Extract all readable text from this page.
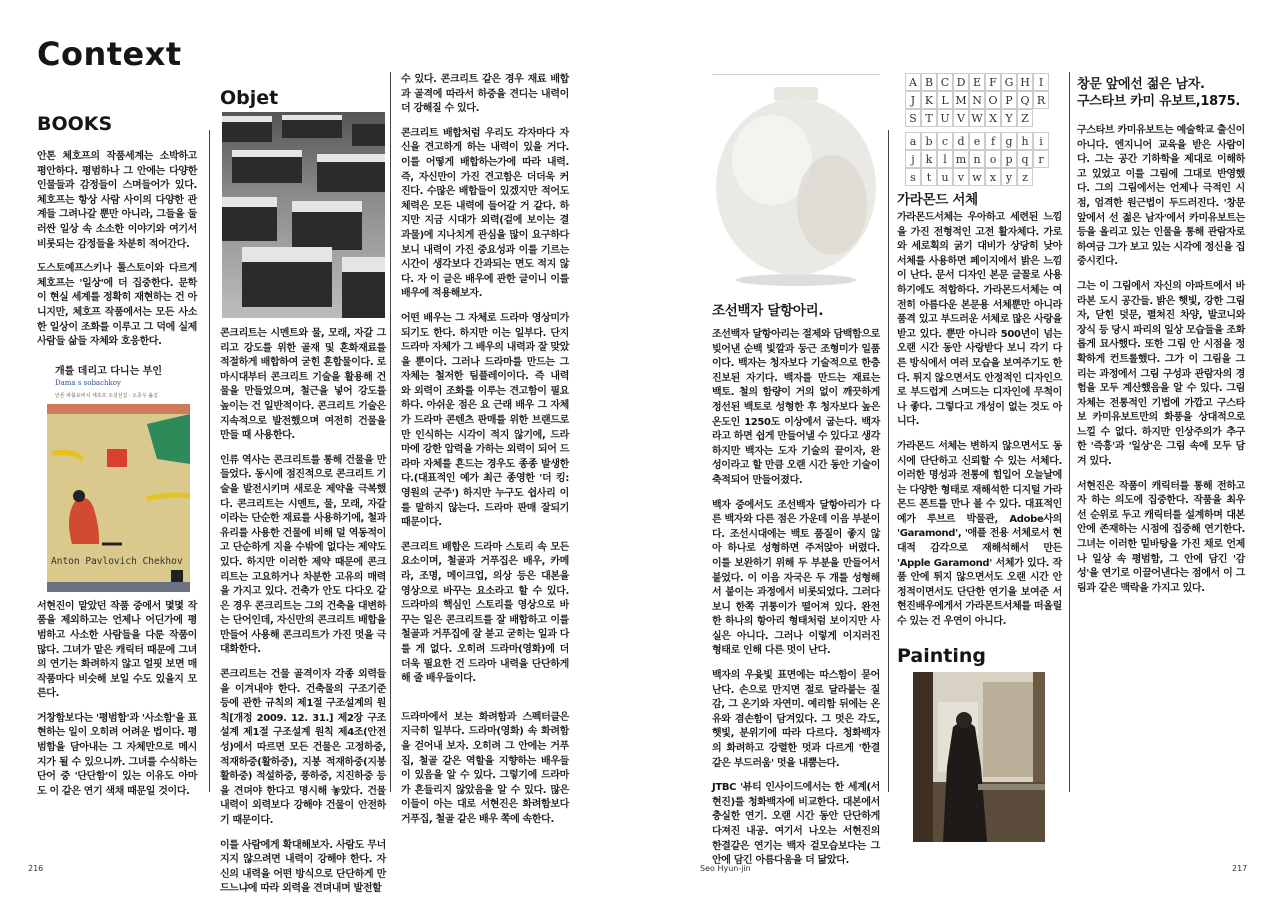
Context
BOOKS

안톤 체호프의 작품세계는 소박하고 평안하다. 평범하나 그 안에는 다양한 인물들과 감정들이 스며들어가 있다. 체호프는 항상 사람 사이의 다양한 관계들 그려나갈 뿐만 아니라, 그들을 둘러싼 일상 속 소소한 이야기와 여기서 비롯되는 감정들을 차분히 적어간다.

도스토예프스키나 톨스토이와 다르게 체호프는 '일상'에 더 집중한다. 문학이 현실 세계를 정확히 재현하는 건 아니지만, 체호프 작품에서는 모든 사소한 일상이 조화를 이루고 그 덕에 실제 사람들 삶들 자체와 호응한다.

개를 데리고 다니는 부인
Dama s sobachkoy
안톤 파블로비치 체호프 소설선집 · 오종우 옮김
Anton Pavlovich Chekhov

서현진이 맡았던 작품 중에서 몇몇 작품을 제외하고는 언제나 어딘가에 평범하고 사소한 사람들을 다룬 작품이 많다. 그녀가 맡은 캐릭터 때문에 그녀의 연기는 화려하지 않고 얼핏 보면 매 작품마다 비슷해 보일 수도 있을지 모른다.

거창함보다는 '평범함'과 '사소함'을 표현하는 일이 오히려 어려운 법이다. 평범함을 담아내는 그 자체만으로 메시지가 될 수 있으니까. 그녀를 수식하는 단어 중 '단단함'이 있는 이유도 아마도 이 같은 연기 색채 때문일 것이다.

Objet

콘크리트는 시멘트와 물, 모래, 자갈 그리고 강도를 위한 골재 및 혼화재료를 적절하게 배합하여 굳힌 혼합물이다. 로마시대부터 콘크리트 기술을 활용해 건물을 만들었으며, 철근을 넣어 강도를 높이는 건 일반적이다. 콘크리트 기술은 지속적으로 발전했으며 여전히 건물을 만들 때 사용한다.

인류 역사는 콘크리트를 통해 건물을 만들었다. 동시에 점진적으로 콘크리트 기술을 발전시키며 새로운 제약을 극복했다. 콘크리트는 시멘트, 물, 모래, 자갈이라는 단순한 재료를 사용하기에, 철과 유리를 사용한 건물에 비해 덜 역동적이고 단순하게 지을 수밖에 없다는 제약도 있다. 하지만 이러한 제약 때문에 콘크리트는 고요하거나 차분한 고유의 매력을 가지고 있다. 건축가 안도 다다오 같은 경우 콘크리트는 그의 건축을 대변하는 단어인데, 자신만의 콘크리트 배합을 만들어 사용해 콘크리트가 가진 멋을 극대화한다.

콘크리트는 건물 골격이자 각종 외력들을 이겨내야 한다. 건축물의 구조기준 등에 관한 규칙의 제1절 구조설계의 원칙[개정 2009. 12. 31.] 제2장 구조설계 제1절 구조설계 원칙 제4조(안전성)에서 따르면 모든 건물은 고정하중, 적재하중(활하중), 지붕 적재하중(지붕 활하중) 적설하중, 풍하중, 지진하중 등을 견뎌야 한다고 명시해 놓았다. 건물 내력이 외력보다 강해야 건물이 안전하기 때문이다.

이를 사람에게 확대해보자. 사람도 무너지지 않으려면 내력이 강해야 한다. 자신의 내력을 어떤 방식으로 단단하게 만드느냐에 따라 외력을 견뎌내며 발전할

수 있다. 콘크리트 같은 경우 재료 배합과 골격에 따라서 하중을 견디는 내력이 더 강해질 수 있다.

콘크리트 배합처럼 우리도 각자마다 자신을 견고하게 하는 내력이 있을 거다. 이를 어떻게 배합하는가에 따라 내력. 즉, 자신만이 가진 견고함은 더더욱 커진다. 수많은 배합들이 있겠지만 적어도 체력은 모든 내력에 들어갈 거 같다. 하지만 지금 시대가 외력(겉에 보이는 결과물)에 지나치게 관심을 많이 요구하다 보니 내력이 가진 중요성과 이를 기르는 시간이 생각보다 간과되는 면도 적지 않다. 자 이 글은 배우에 관한 글이니 이를 배우에 적용해보자.

어떤 배우는 그 자체로 드라마 영상미가 되기도 한다. 하지만 이는 일부다. 단지 드라마 자체가 그 배우의 내력과 잘 맞았을 뿐이다. 그러나 드라마를 만드는 그 자체는 철저한 팀플레이이다. 즉 내력 와 외력이 조화를 이루는 견고함이 필요하다. 아쉬운 점은 요 근래 배우 그 자체가 드라마 콘텐츠 판매를 위한 브랜드로만 인식하는 시각이 적지 않기에, 드라마에 강한 압력을 가하는 외력이 되어 드라마 자체를 흔드는 경우도 종종 발생한다.(대표적인 예가 최근 종영한 '더 킹: 영원의 군주') 하지만 누구도 쉽사리 이를 말하지 않는다. 드라마 판매 잘되기 때문이다.

콘크리트 배합은 드라마 스토리 속 모든 요소이며, 철골과 거푸집은 배우, 카메라, 조명, 메이크업, 의상 등은 대본을 영상으로 바꾸는 요소라고 할 수 있다. 드라마의 핵심인 스토리를 영상으로 바꾸는 일은 콘크리트를 잘 배합하고 이를 철골과 거푸집에 잘 붇고 굳히는 일과 다를 게 없다. 오히려 드라마(영화)에 더 더욱 필요한 건 드라마 내력을 단단하게 해 줄 배우들이다.

드라마에서 보는 화려함과 스펙터클은 지극히 일부다. 드라마(영화) 속 화려함을 걷어내 보자. 오히려 그 안에는 거푸집, 철골 같은 역할을 지향하는 배우들이 있음을 알 수 있다. 그렇기에 드라마가 흔들리지 않았음을 알 수 있다. 많은 이들이 아는 대로 서현진은 화려함보다 거푸집, 철골 같은 배우 쪽에 속한다.

조선백자 달항아리.

조선백자 달항아리는 절제와 담백함으로 빚어낸 순백 빛깔과 둥근 조형미가 일품이다. 백자는 청자보다 기술적으로 한층 진보된 자기다. 백자를 만드는 재료는 백토. 철의 함량이 거의 없이 깨끗하게 정선된 백토로 성형한 후 청자보다 높은 온도인 1250도 이상에서 굽는다. 백자라고 하면 쉽게 만들어낼 수 있다고 생각하지만 백자는 도자 기술의 끝이자, 완성이라고 할 만큼 오랜 시간 동안 기술이 축적되어 만들어졌다.

백자 중에서도 조선백자 달항아리가 다른 백자와 다른 점은 가운데 이음 부분이다. 조선시대에는 백토 품질이 좋지 않아 하나로 성형하면 주저앉아 버렸다. 이를 보완하기 위해 두 부분을 만들어서 붙었다. 이 이음 자국은 두 개를 성형해서 붙이는 과정에서 비롯되었다. 그러다 보니 한쪽 귀퉁이가 떨어져 있다. 완전한 하나의 항아리 형태처럼 보이지만 사실은 아니다. 그러나 이렇게 이지러진 형태로 인해 다른 멋이 난다.

백자의 우윳빛 표면에는 따스함이 묻어난다. 손으로 만지면 절로 달라붙는 질감, 그 온기와 자연미. 예리함 뒤에는 온유와 겸손함이 담겨있다. 그 멋은 각도, 햇빛, 분위기에 따라 다르다. 청화백자의 화려하고 강렬한 멋과 다르게 '한결 같은 부드러움' 멋을 내뿜는다.

JTBC '뷰티 인사이드에서는 한 세계(서현진)를 청화백자에 비교한다. 대본에서 충실한 연기. 오랜 시간 동안 단단하게 다져진 내공. 여기서 나오는 서현진의 한결같은 연기는 백자 겉모습보다는 그 안에 담긴 아름다움을 더 닮았다.

A B C D E F G H I
J K L M N O P Q R
S T U V W X Y Z
a b c d e f g h i
j k l m n o p q r
s t u v w x y z
가라몬드 서체

가라몬드서체는 우아하고 세련된 느낌을 가진 전형적인 고전 활자체다. 가로와 세로획의 굵기 대비가 상당히 낮아 서체를 사용하면 페이지에서 밝은 느낌이 난다. 문서 디자인 본문 글꼴로 사용하기에도 적합하다. 가라몬드서체는 여전히 아름다운 본문용 서체뿐만 아니라 품격 있고 부드러운 서체로 많은 사랑을 받고 있다. 뿐만 아니라 500년이 넘는 오랜 시간 동안 사랑받다 보니 각기 다른 방식에서 여러 모습을 보여주기도 한다. 튀지 않으면서도 안정적인 디자인으로 부드럽게 스며드는 디자인에 무척이나 좋다. 그렇다고 개성이 없는 것도 아니다.

가라몬드 서체는 변하지 않으면서도 동시에 단단하고 신뢰할 수 있는 서체다. 이러한 명성과 전통에 힘입어 오늘날에는 다양한 형태로 재해석한 디지털 가라몬드 폰트를 만나 볼 수 있다. 대표적인 예가 루브르 박물관, Adobe사의 'Garamond', '애플 전용 서체로서 현대적 감각으로 재해석해서 만든 'Apple Garamond' 서체가 있다. 작품 안에 튀지 않으면서도 오랜 시간 안정적이면서도 단단한 연기을 보여준 서현진배우에게서 가라몬트서체를 떠올릴 수 있는 건 우연이 아니다.

Painting
창문 앞에선 젊은 남자.
구스타브 카미 유보트,1875.

구스타브 카미유보트는 예술학교 출신이 아니다. 엔지니어 교육을 받은 사람이다. 그는 공간 기하학을 제대로 이해하고 있었고 이를 그림에 그대로 반영했다. 그의 그림에서는 언제나 극적인 시점, 엄격한 원근법이 두드러진다. '창문 앞에서 선 젊은 남자'에서 카미유보트는 등을 올리고 있는 인물을 통해 관람자로 하여금 그가 보고 있는 시각에 정신을 집중시킨다.

그는 이 그림에서 자신의 아파트에서 바라본 도시 공간들. 밝은 햇빛, 강한 그림자, 닫힌 덧문, 펼쳐진 차양, 발코니와 장식 등 당시 파리의 일상 모습들을 조화롭게 묘사했다. 또한 그림 안 시점을 정확하게 컨트롤했다. 그가 이 그림을 그리는 과정에서 그림 구성과 관람자의 경험을 모두 계산했음을 알 수 있다. 그림 자체는 전통적인 기법에 가깝고 구스타보 카미유보트만의 화풍을 상대적으로 느낄 수 없다. 하지만 인상주의가 추구한 '즉흥'과 '일상'은 그림 속에 모두 담겨 있다.

서현진은 작품이 캐릭터를 통해 전하고자 하는 의도에 집중한다. 작품을 최우선 순위로 두고 캐릭터를 설계하며 대본 안에 존재하는 시점에 집중해 연기한다. 그녀는 이러한 밑바탕을 가진 채로 언제나 일상 속 평범함, 그 안에 담긴 '감성'을 연기로 이끌어낸다는 점에서 이 그림과 같은 맥락을 가지고 있다.

216	Seo Hyun-jin	217
